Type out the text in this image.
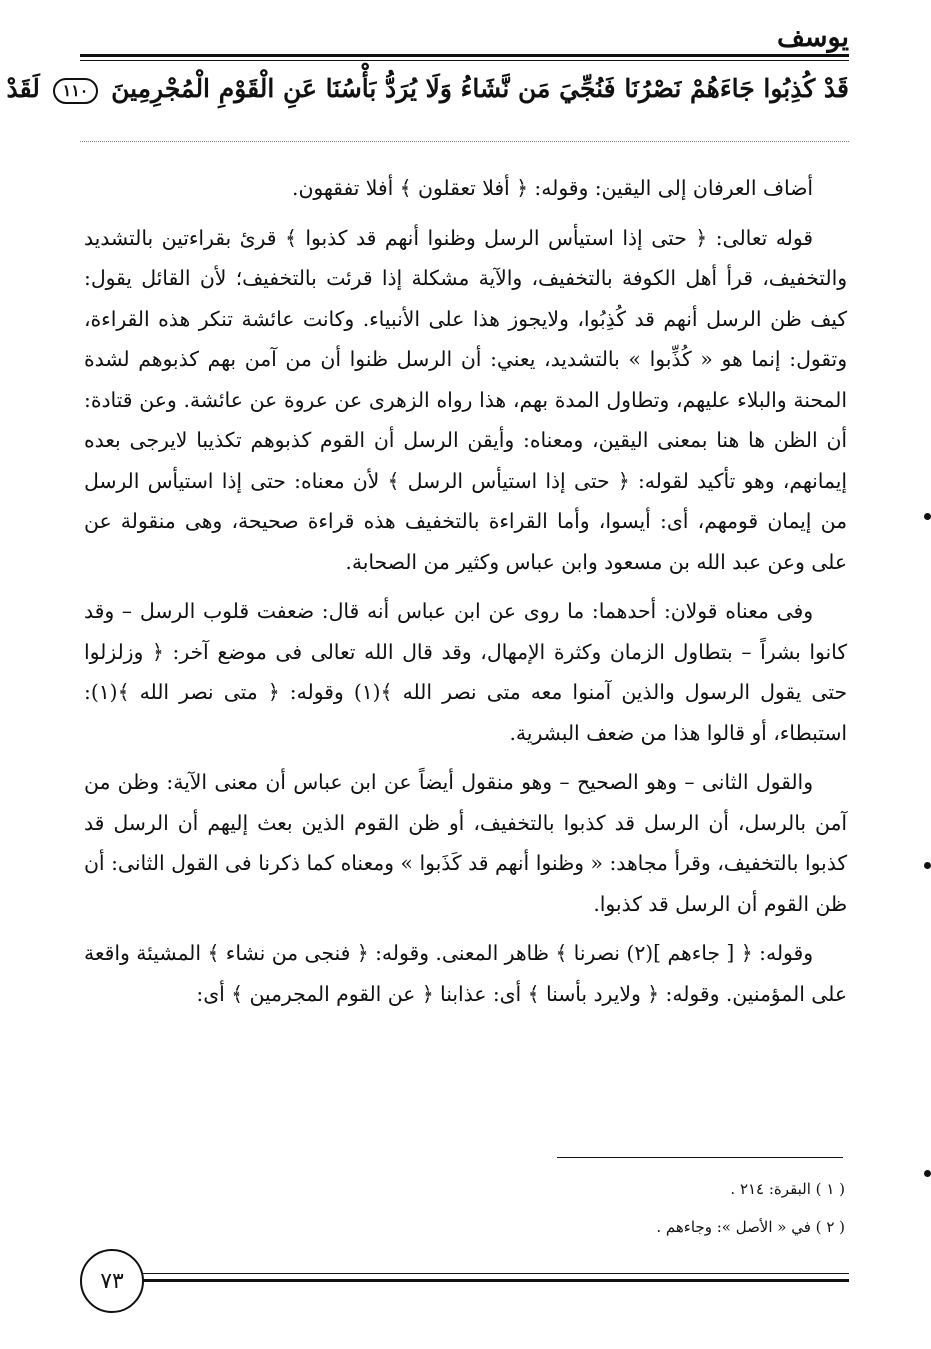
يوسف
قَدْ كُذِبُوا جَاءَهُمْ نَصْرُنَا فَنُجِّيَ مَن نَّشَاءُ وَلَا يُرَدُّ بَأْسُنَا عَنِ الْقَوْمِ الْمُجْرِمِينَ ١١٠ لَقَدْ

أضاف العرفان إلى اليقين: وقوله: ﴿ أفلا تعقلون ﴾ أفلا تفقهون.

قوله تعالى: ﴿ حتى إذا استيأس الرسل وظنوا أنهم قد كذبوا ﴾ قرئ بقراءتين بالتشديد والتخفيف، قرأ أهل الكوفة بالتخفيف، والآية مشكلة إذا قرئت بالتخفيف؛ لأن القائل يقول: كيف ظن الرسل أنهم قد كُذِبُوا، ولايجوز هذا على الأنبياء. وكانت عائشة تنكر هذه القراءة، وتقول: إنما هو « كُذِّبوا » بالتشديد، يعني: أن الرسل ظنوا أن من آمن بهم كذبوهم لشدة المحنة والبلاء عليهم، وتطاول المدة بهم، هذا رواه الزهرى عن عروة عن عائشة. وعن قتادة: أن الظن ها هنا بمعنى اليقين، ومعناه: وأيقن الرسل أن القوم كذبوهم تكذيبا لايرجى بعده إيمانهم، وهو تأكيد لقوله: ﴿ حتى إذا استيأس الرسل ﴾ لأن معناه: حتى إذا استيأس الرسل من إيمان قومهم، أى: أيسوا، وأما القراءة بالتخفيف هذه قراءة صحيحة، وهى منقولة عن على وعن عبد الله بن مسعود وابن عباس وكثير من الصحابة.

وفى معناه قولان: أحدهما: ما روى عن ابن عباس أنه قال: ضعفت قلوب الرسل – وقد كانوا بشراً – بتطاول الزمان وكثرة الإمهال، وقد قال الله تعالى فى موضع آخر: ﴿ وزلزلوا حتى يقول الرسول والذين آمنوا معه متى نصر الله ﴾(١) وقوله: ﴿ متى نصر الله ﴾(١): استبطاء، أو قالوا هذا من ضعف البشرية.

والقول الثانى – وهو الصحيح – وهو منقول أيضاً عن ابن عباس أن معنى الآية: وظن من آمن بالرسل، أن الرسل قد كذبوا بالتخفيف، أو ظن القوم الذين بعث إليهم أن الرسل قد كذبوا بالتخفيف، وقرأ مجاهد: « وظنوا أنهم قد كَذَبوا » ومعناه كما ذكرنا فى القول الثانى: أن ظن القوم أن الرسل قد كذبوا.

وقوله: ﴿ [ جاءهم ](٢) نصرنا ﴾ ظاهر المعنى. وقوله: ﴿ فنجى من نشاء ﴾ المشيئة واقعة على المؤمنين. وقوله: ﴿ ولايرد بأسنا ﴾ أى: عذابنا ﴿ عن القوم المجرمين ﴾ أى:

( ١ ) البقرة: ٢١٤ .
( ٢ ) في « الأصل »: وجاءهم .
٧٣
